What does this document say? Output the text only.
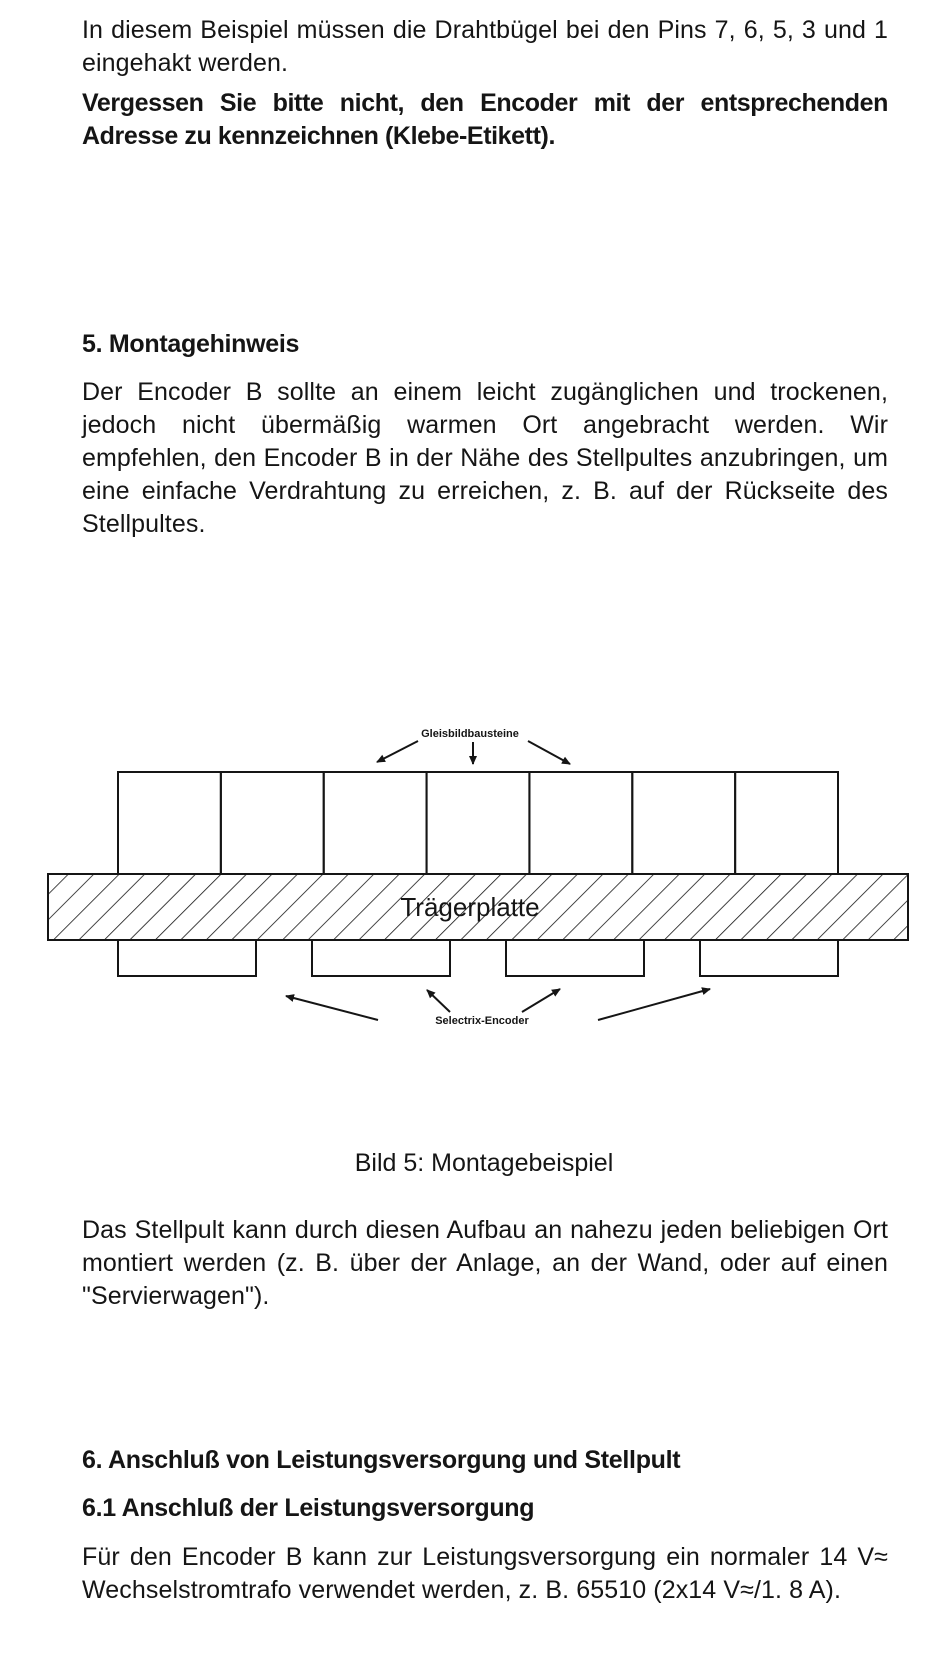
In diesem Beispiel müssen die Drahtbügel bei den Pins 7, 6, 5, 3 und 1 eingehakt werden.

Vergessen Sie bitte nicht, den Encoder mit der entsprechenden Adresse zu kennzeichnen (Klebe-Etikett).

5. Montagehinweis

Der Encoder B sollte an einem leicht zugänglichen und trockenen, jedoch nicht übermäßig warmen Ort angebracht werden. Wir empfehlen, den Encoder B in der Nähe des Stellpultes anzubringen, um eine einfache Verdrahtung zu erreichen, z. B. auf der Rückseite des Stellpultes.

Trägerplatte
Gleisbildbausteine
Selectrix-Encoder

Bild 5: Montagebeispiel

Das Stellpult kann durch diesen Aufbau an nahezu jeden beliebigen Ort montiert werden (z. B. über der Anlage, an der Wand, oder auf einen "Servierwagen").

6. Anschluß von Leistungsversorgung und Stellpult
6.1 Anschluß der Leistungsversorgung

Für den Encoder B kann zur Leistungsversorgung ein normaler 14 V≈ Wechselstromtrafo verwendet werden, z. B. 65510 (2x14 V≈/1. 8 A).
